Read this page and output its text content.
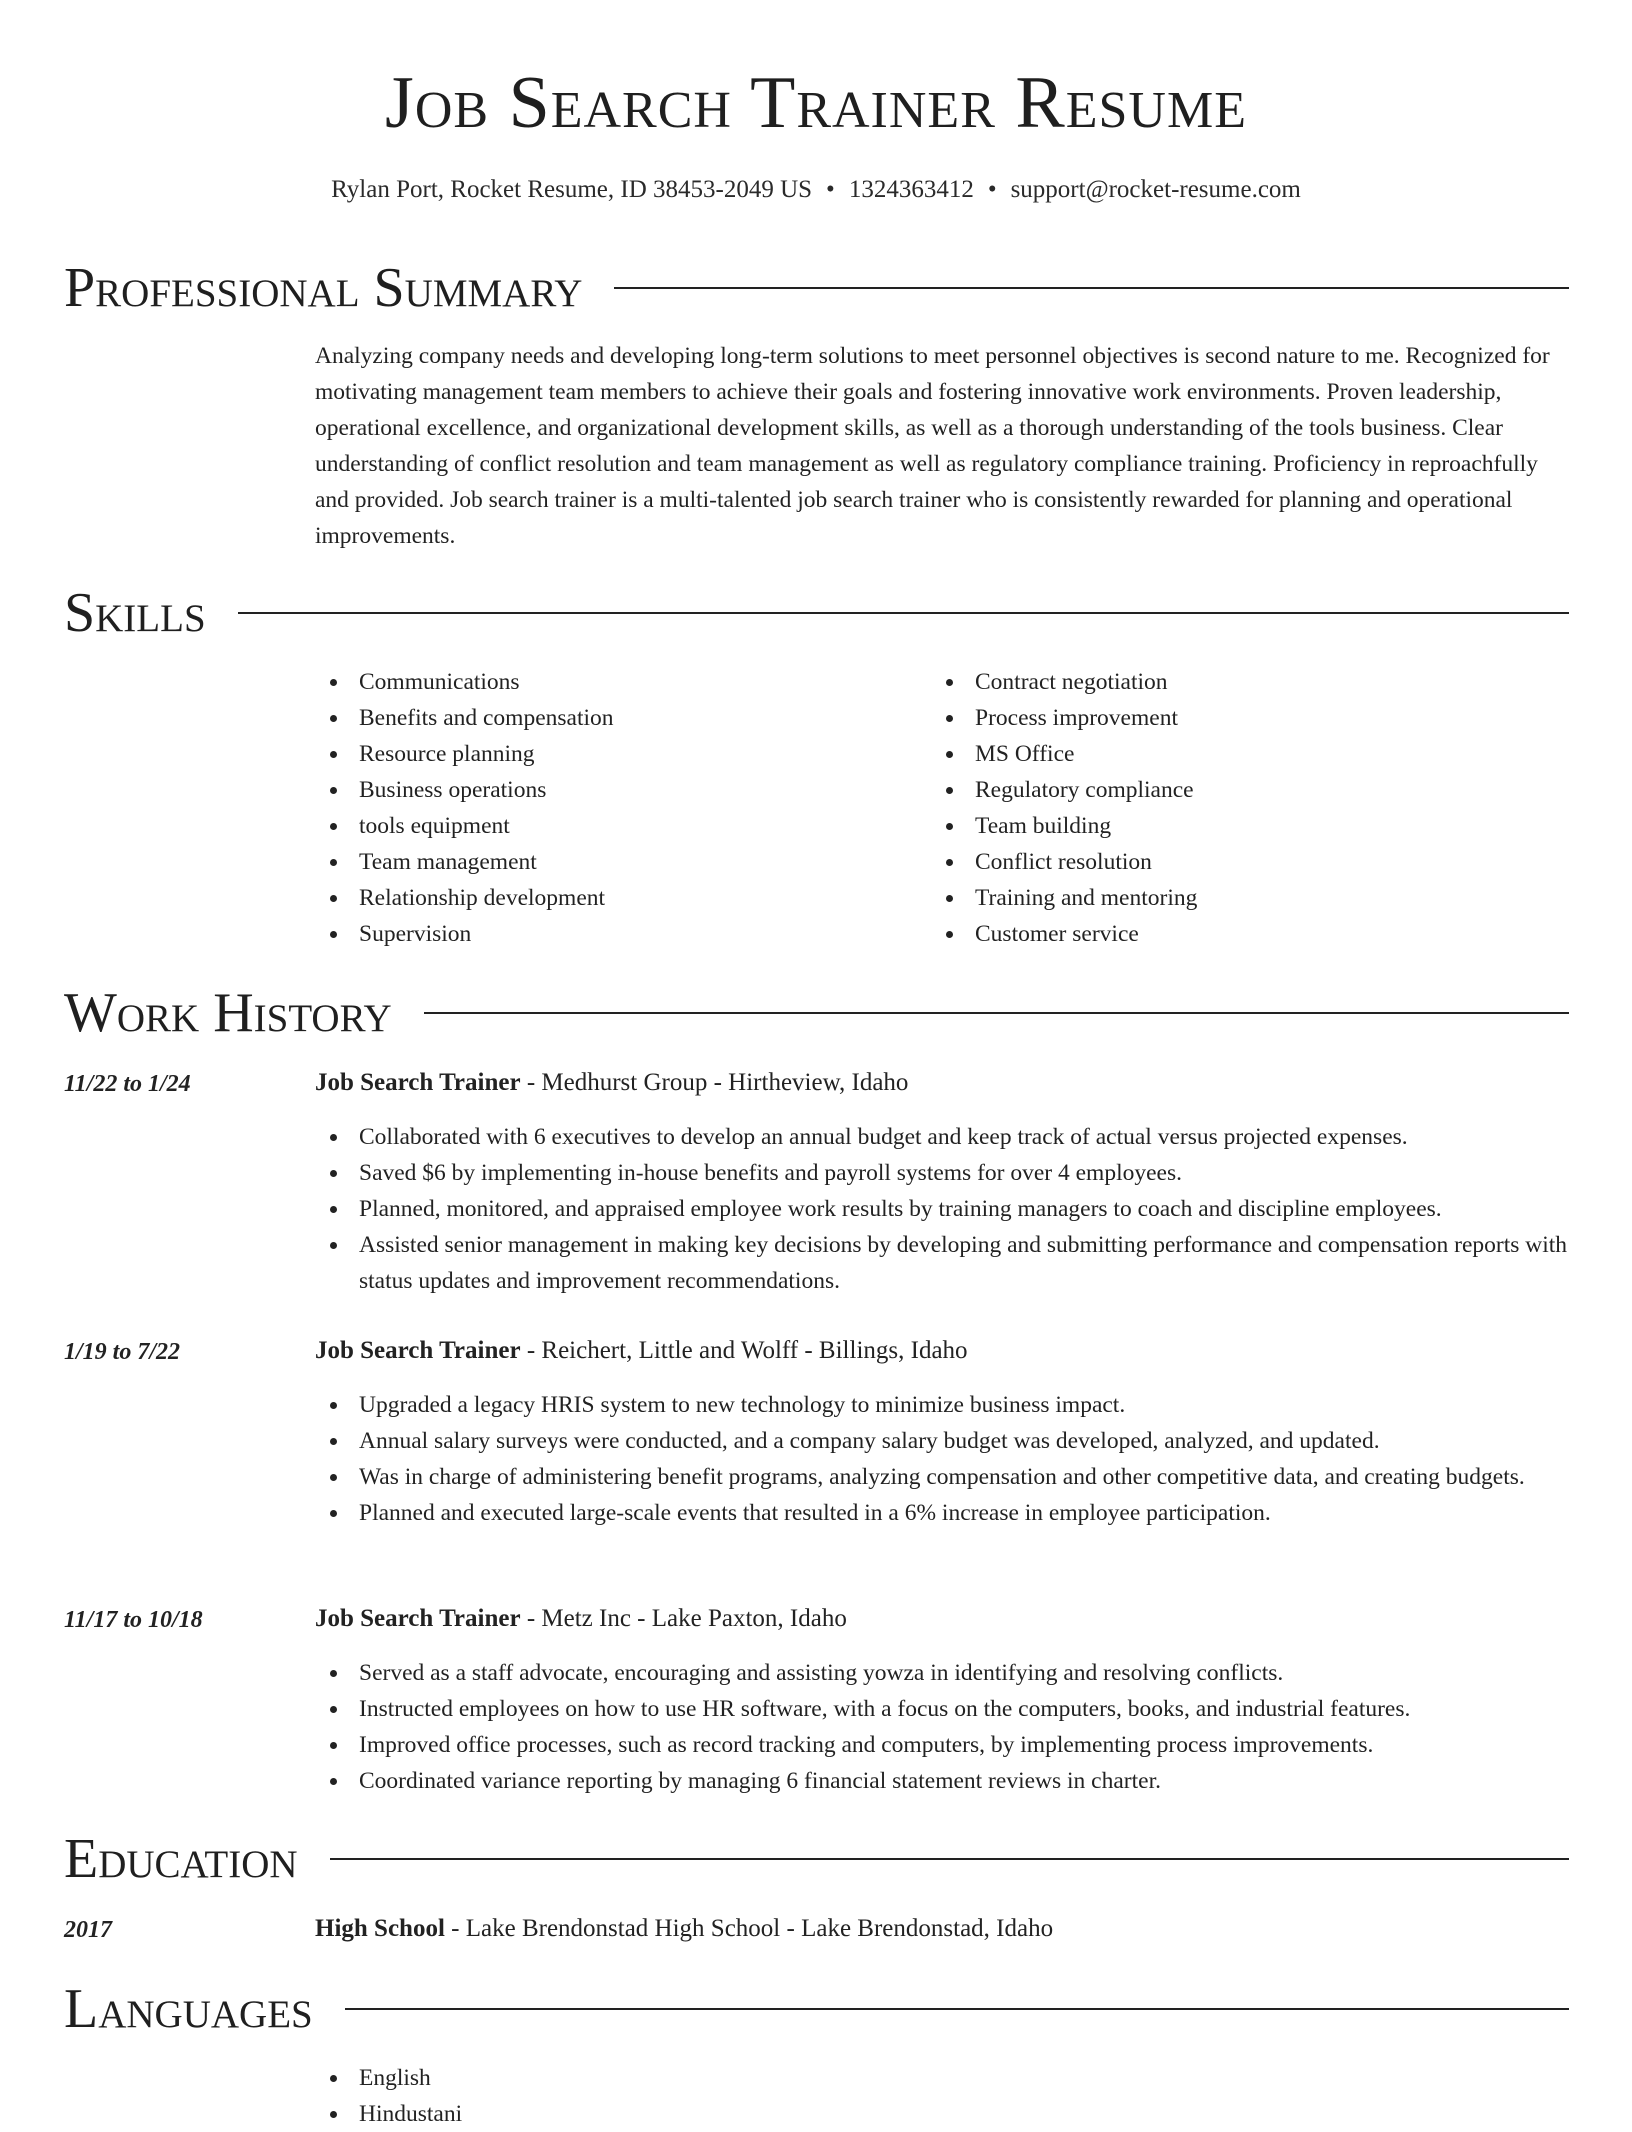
Job Search Trainer Resume
Rylan Port, Rocket Resume, ID 38453-2049 US • 1324363412 • support@rocket-resume.com
Professional Summary

Analyzing company needs and developing long-term solutions to meet personnel objectives is second nature to me. Recognized for motivating management team members to achieve their goals and fostering innovative work environments. Proven leadership, operational excellence, and organizational development skills, as well as a thorough understanding of the tools business. Clear understanding of conflict resolution and team management as well as regulatory compliance training. Proficiency in reproachfully and provided. Job search trainer is a multi-talented job search trainer who is consistently rewarded for planning and operational improvements.

Skills
Communications
Benefits and compensation
Resource planning
Business operations
tools equipment
Team management
Relationship development
Supervision
Contract negotiation
Process improvement
MS Office
Regulatory compliance
Team building
Conflict resolution
Training and mentoring
Customer service
Work History
11/22 to 1/24	Job Search Trainer - Medhurst Group - Hirtheview, Idaho
Collaborated with 6 executives to develop an annual budget and keep track of actual versus projected expenses.
Saved $6 by implementing in-house benefits and payroll systems for over 4 employees.
Planned, monitored, and appraised employee work results by training managers to coach and discipline employees.
Assisted senior management in making key decisions by developing and submitting performance and compensation reports with status updates and improvement recommendations.
1/19 to 7/22	Job Search Trainer - Reichert, Little and Wolff - Billings, Idaho
Upgraded a legacy HRIS system to new technology to minimize business impact.
Annual salary surveys were conducted, and a company salary budget was developed, analyzed, and updated.
Was in charge of administering benefit programs, analyzing compensation and other competitive data, and creating budgets.
Planned and executed large-scale events that resulted in a 6% increase in employee participation.
11/17 to 10/18	Job Search Trainer - Metz Inc - Lake Paxton, Idaho
Served as a staff advocate, encouraging and assisting yowza in identifying and resolving conflicts.
Instructed employees on how to use HR software, with a focus on the computers, books, and industrial features.
Improved office processes, such as record tracking and computers, by implementing process improvements.
Coordinated variance reporting by managing 6 financial statement reviews in charter.
Education
2017	High School - Lake Brendonstad High School - Lake Brendonstad, Idaho
Languages
English
Hindustani
